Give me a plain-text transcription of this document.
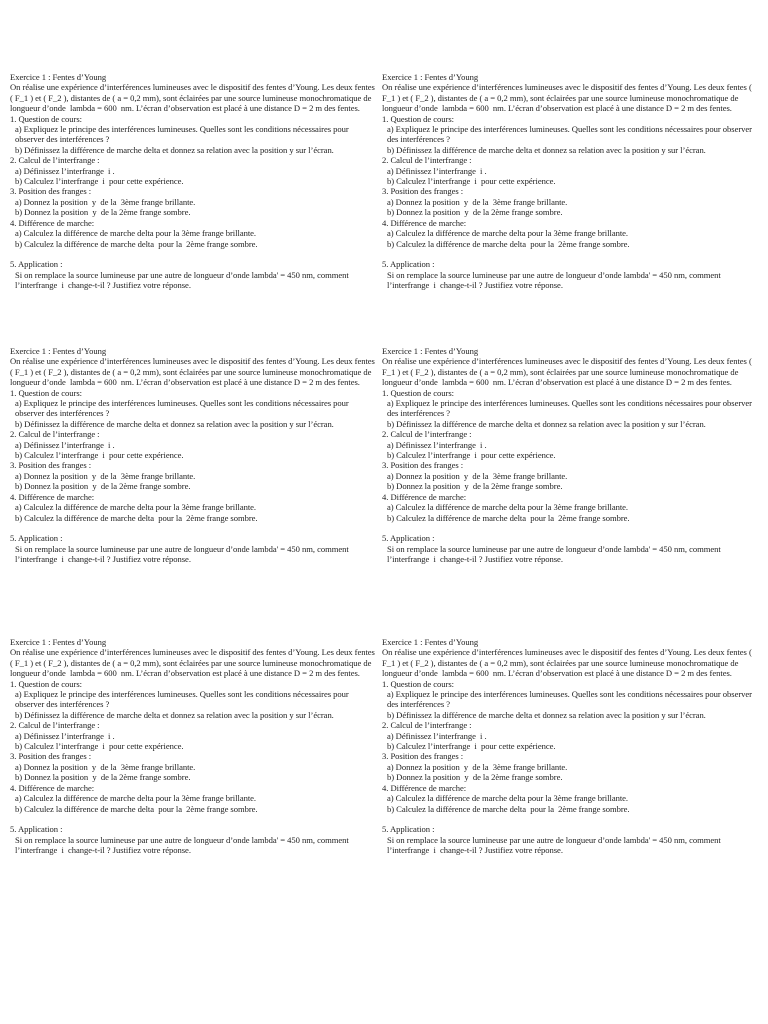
Exercice 1 : Fentes d’Young
On réalise une expérience d’interférences lumineuses avec le dispositif des fentes d’Young. Les deux fentes ( F_1 ) et ( F_2 ), distantes de ( a = 0,2 mm), sont éclairées par une source lumineuse monochromatique de longueur d’onde  lambda = 600  nm. L’écran d’observation est placé à une distance D = 2 m des fentes.
1. Question de cours:
a) Expliquez le principe des interférences lumineuses. Quelles sont les conditions nécessaires pour observer des interférences ?
b) Définissez la différence de marche delta et donnez sa relation avec la position y sur l’écran.
2. Calcul de l’interfrange :
a) Définissez l’interfrange  i .
b) Calculez l’interfrange  i  pour cette expérience.
3. Position des franges :
a) Donnez la position  y  de la  3ème frange brillante.
b) Donnez la position  y  de la 2ème frange sombre.
4. Différence de marche:
a) Calculez la différence de marche delta pour la 3ème frange brillante.
b) Calculez la différence de marche delta  pour la  2ème frange sombre.
5. Application :
Si on remplace la source lumineuse par une autre de longueur d’onde lambda' = 450 nm, comment l’interfrange  i  change-t-il ? Justifiez votre réponse.
Exercice 1 : Fentes d’Young
On réalise une expérience d’interférences lumineuses avec le dispositif des fentes d’Young. Les deux fentes ( F_1 ) et ( F_2 ), distantes de ( a = 0,2 mm), sont éclairées par une source lumineuse monochromatique de longueur d’onde  lambda = 600  nm. L’écran d’observation est placé à une distance D = 2 m des fentes.
1. Question de cours:
a) Expliquez le principe des interférences lumineuses. Quelles sont les conditions nécessaires pour observer des interférences ?
b) Définissez la différence de marche delta et donnez sa relation avec la position y sur l’écran.
2. Calcul de l’interfrange :
a) Définissez l’interfrange  i .
b) Calculez l’interfrange  i  pour cette expérience.
3. Position des franges :
a) Donnez la position  y  de la  3ème frange brillante.
b) Donnez la position  y  de la 2ème frange sombre.
4. Différence de marche:
a) Calculez la différence de marche delta pour la 3ème frange brillante.
b) Calculez la différence de marche delta  pour la  2ème frange sombre.
5. Application :
Si on remplace la source lumineuse par une autre de longueur d’onde lambda' = 450 nm, comment l’interfrange  i  change-t-il ? Justifiez votre réponse.
Exercice 1 : Fentes d’Young
On réalise une expérience d’interférences lumineuses avec le dispositif des fentes d’Young. Les deux fentes ( F_1 ) et ( F_2 ), distantes de ( a = 0,2 mm), sont éclairées par une source lumineuse monochromatique de longueur d’onde  lambda = 600  nm. L’écran d’observation est placé à une distance D = 2 m des fentes.
1. Question de cours:
a) Expliquez le principe des interférences lumineuses. Quelles sont les conditions nécessaires pour observer des interférences ?
b) Définissez la différence de marche delta et donnez sa relation avec la position y sur l’écran.
2. Calcul de l’interfrange :
a) Définissez l’interfrange  i .
b) Calculez l’interfrange  i  pour cette expérience.
3. Position des franges :
a) Donnez la position  y  de la  3ème frange brillante.
b) Donnez la position  y  de la 2ème frange sombre.
4. Différence de marche:
a) Calculez la différence de marche delta pour la 3ème frange brillante.
b) Calculez la différence de marche delta  pour la  2ème frange sombre.
5. Application :
Si on remplace la source lumineuse par une autre de longueur d’onde lambda' = 450 nm, comment l’interfrange  i  change-t-il ? Justifiez votre réponse.
Exercice 1 : Fentes d’Young
On réalise une expérience d’interférences lumineuses avec le dispositif des fentes d’Young. Les deux fentes ( F_1 ) et ( F_2 ), distantes de ( a = 0,2 mm), sont éclairées par une source lumineuse monochromatique de longueur d’onde  lambda = 600  nm. L’écran d’observation est placé à une distance D = 2 m des fentes.
1. Question de cours:
a) Expliquez le principe des interférences lumineuses. Quelles sont les conditions nécessaires pour observer des interférences ?
b) Définissez la différence de marche delta et donnez sa relation avec la position y sur l’écran.
2. Calcul de l’interfrange :
a) Définissez l’interfrange  i .
b) Calculez l’interfrange  i  pour cette expérience.
3. Position des franges :
a) Donnez la position  y  de la  3ème frange brillante.
b) Donnez la position  y  de la 2ème frange sombre.
4. Différence de marche:
a) Calculez la différence de marche delta pour la 3ème frange brillante.
b) Calculez la différence de marche delta  pour la  2ème frange sombre.
5. Application :
Si on remplace la source lumineuse par une autre de longueur d’onde lambda' = 450 nm, comment l’interfrange  i  change-t-il ? Justifiez votre réponse.
Exercice 1 : Fentes d’Young
On réalise une expérience d’interférences lumineuses avec le dispositif des fentes d’Young. Les deux fentes ( F_1 ) et ( F_2 ), distantes de ( a = 0,2 mm), sont éclairées par une source lumineuse monochromatique de longueur d’onde  lambda = 600  nm. L’écran d’observation est placé à une distance D = 2 m des fentes.
1. Question de cours:
a) Expliquez le principe des interférences lumineuses. Quelles sont les conditions nécessaires pour observer des interférences ?
b) Définissez la différence de marche delta et donnez sa relation avec la position y sur l’écran.
2. Calcul de l’interfrange :
a) Définissez l’interfrange  i .
b) Calculez l’interfrange  i  pour cette expérience.
3. Position des franges :
a) Donnez la position  y  de la  3ème frange brillante.
b) Donnez la position  y  de la 2ème frange sombre.
4. Différence de marche:
a) Calculez la différence de marche delta pour la 3ème frange brillante.
b) Calculez la différence de marche delta  pour la  2ème frange sombre.
5. Application :
Si on remplace la source lumineuse par une autre de longueur d’onde lambda' = 450 nm, comment l’interfrange  i  change-t-il ? Justifiez votre réponse.
Exercice 1 : Fentes d’Young
On réalise une expérience d’interférences lumineuses avec le dispositif des fentes d’Young. Les deux fentes ( F_1 ) et ( F_2 ), distantes de ( a = 0,2 mm), sont éclairées par une source lumineuse monochromatique de longueur d’onde  lambda = 600  nm. L’écran d’observation est placé à une distance D = 2 m des fentes.
1. Question de cours:
a) Expliquez le principe des interférences lumineuses. Quelles sont les conditions nécessaires pour observer des interférences ?
b) Définissez la différence de marche delta et donnez sa relation avec la position y sur l’écran.
2. Calcul de l’interfrange :
a) Définissez l’interfrange  i .
b) Calculez l’interfrange  i  pour cette expérience.
3. Position des franges :
a) Donnez la position  y  de la  3ème frange brillante.
b) Donnez la position  y  de la 2ème frange sombre.
4. Différence de marche:
a) Calculez la différence de marche delta pour la 3ème frange brillante.
b) Calculez la différence de marche delta  pour la  2ème frange sombre.
5. Application :
Si on remplace la source lumineuse par une autre de longueur d’onde lambda' = 450 nm, comment l’interfrange  i  change-t-il ? Justifiez votre réponse.
